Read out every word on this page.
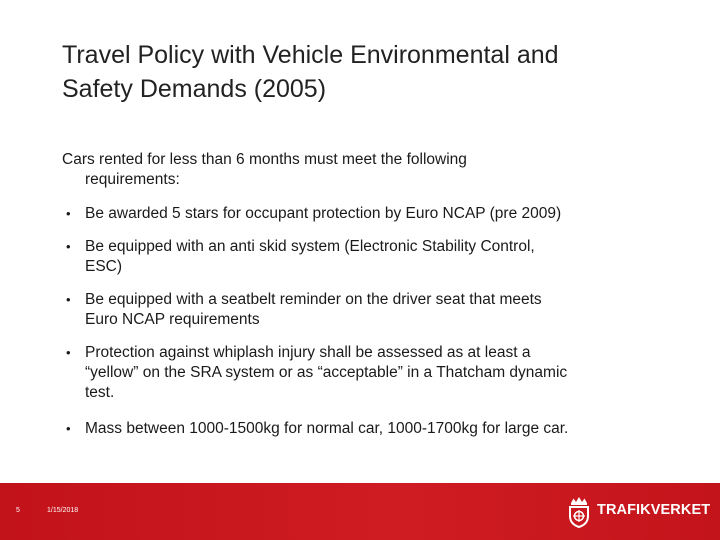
Travel Policy with Vehicle Environmental and
Safety Demands (2005)

Cars rented for less than 6 months must meet the following
requirements:

• Be awarded 5 stars for occupant protection by Euro NCAP (pre 2009)
• Be equipped with an anti skid system (Electronic Stability Control,
ESC)
• Be equipped with a seatbelt reminder on the driver seat that meets
Euro NCAP requirements
• Protection against whiplash injury shall be assessed as at least a
“yellow” on the SRA system or as “acceptable” in a Thatcham dynamic
test.
• Mass between 1000-1500kg for normal car, 1000-1700kg for large car.
5	1/15/2018	TRAFIKVERKET
